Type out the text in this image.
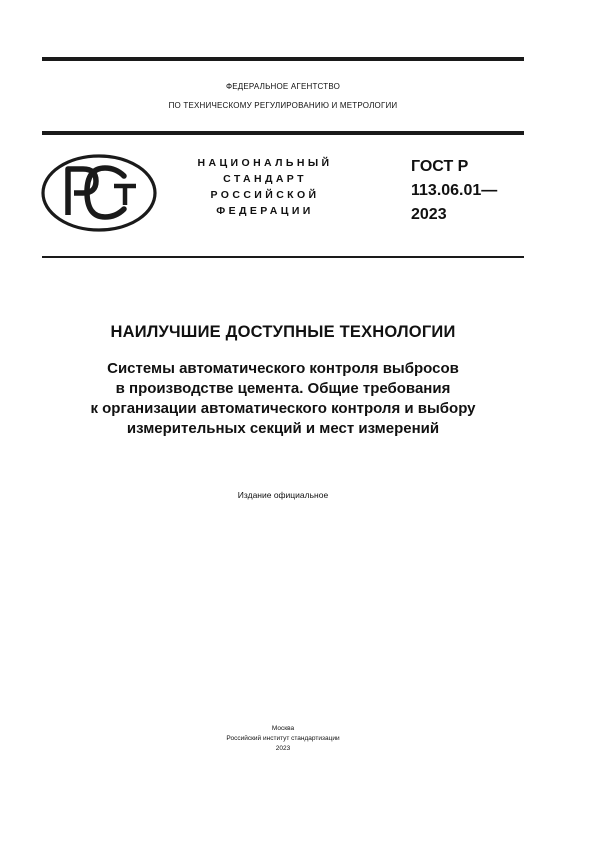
ФЕДЕРАЛЬНОЕ АГЕНТСТВО
ПО ТЕХНИЧЕСКОМУ РЕГУЛИРОВАНИЮ И МЕТРОЛОГИИ
НАЦИОНАЛЬНЫЙ
СТАНДАРТ
РОССИЙСКОЙ
ФЕДЕРАЦИИ
ГОСТ Р
113.06.01—
2023
НАИЛУЧШИЕ ДОСТУПНЫЕ ТЕХНОЛОГИИ
Системы автоматического контроля выбросов
в производстве цемента. Общие требования
к организации автоматического контроля и выбору
измерительных секций и мест измерений
Издание официальное
Москва
Российский институт стандартизации
2023
